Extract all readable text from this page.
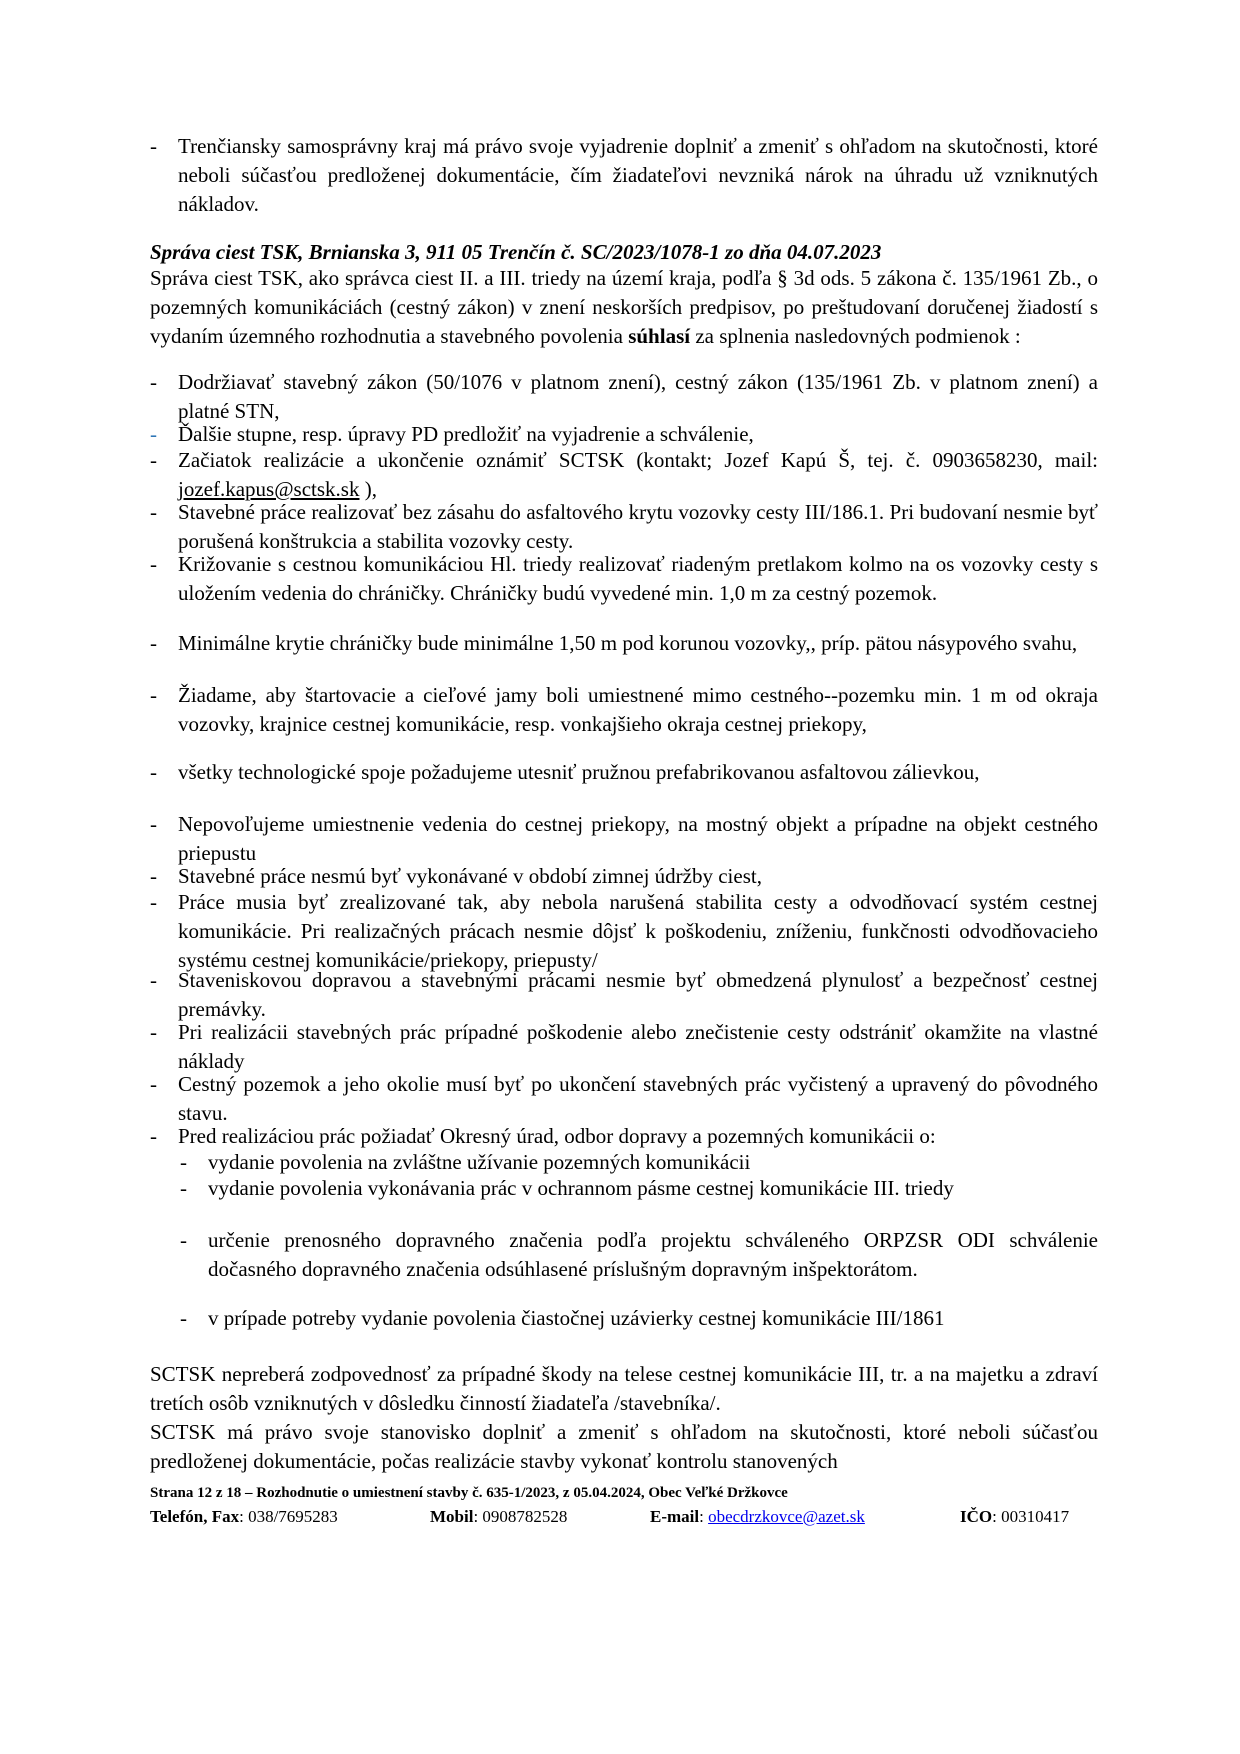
- Trenčiansky samosprávny kraj má právo svoje vyjadrenie doplniť a zmeniť s ohľadom na skutočnosti, ktoré neboli súčasťou predloženej dokumentácie, čím žiadateľovi nevzniká nárok na úhradu už vzniknutých nákladov.

Správa ciest TSK, Brnianska 3, 911 05 Trenčín č. SC/2023/1078-1 zo dňa 04.07.2023

Správa ciest TSK, ako správca ciest II. a III. triedy na území kraja, podľa § 3d ods. 5 zákona č. 135/1961 Zb., o pozemných komunikáciách (cestný zákon) v znení neskorších predpisov, po preštudovaní doručenej žiadostí s vydaním územného rozhodnutia a stavebného povolenia súhlasí za splnenia nasledovných podmienok :

- Dodržiavať stavebný zákon (50/1076 v platnom znení), cestný zákon (135/1961 Zb. v platnom znení) a platné STN,

- Ďalšie stupne, resp. úpravy PD predložiť na vyjadrenie a schválenie,

- Začiatok realizácie a ukončenie oznámiť SCTSK (kontakt; Jozef Kapú Š, tej. č. 0903658230, mail: jozef.kapus@sctsk.sk ),

- Stavebné práce realizovať bez zásahu do asfaltového krytu vozovky cesty III/186.1. Pri budovaní nesmie byť porušená konštrukcia a stabilita vozovky cesty.

- Križovanie s cestnou komunikáciou Hl. triedy realizovať riadeným pretlakom kolmo na os vozovky cesty s uložením vedenia do chráničky. Chráničky budú vyvedené min. 1,0 m za cestný pozemok.

- Minimálne krytie chráničky bude minimálne 1,50 m pod korunou vozovky,, príp. pätou násypového svahu,

- Žiadame, aby štartovacie a cieľové jamy boli umiestnené mimo cestného--pozemku min. 1 m od okraja vozovky, krajnice cestnej komunikácie, resp. vonkajšieho okraja cestnej priekopy,

- všetky technologické spoje požadujeme utesniť pružnou prefabrikovanou asfaltovou zálievkou,

- Nepovoľujeme umiestnenie vedenia do cestnej priekopy, na mostný objekt a prípadne na objekt cestného priepustu

- Stavebné práce nesmú byť vykonávané v období zimnej údržby ciest,

- Práce musia byť zrealizované tak, aby nebola narušená stabilita cesty a odvodňovací systém cestnej komunikácie. Pri realizačných prácach nesmie dôjsť k poškodeniu, zníženiu, funkčnosti odvodňovacieho systému cestnej komunikácie/priekopy, priepusty/

- Staveniskovou dopravou a stavebnými prácami nesmie byť obmedzená plynulosť a bezpečnosť cestnej premávky.

- Pri realizácii stavebných prác prípadné poškodenie alebo znečistenie cesty odstrániť okamžite na vlastné náklady

- Cestný pozemok a jeho okolie musí byť po ukončení stavebných prác vyčistený a upravený do pôvodného stavu.

- Pred realizáciou prác požiadať Okresný úrad, odbor dopravy a pozemných komunikácii o:

- vydanie povolenia na zvláštne užívanie pozemných komunikácii

- vydanie povolenia vykonávania prác v ochrannom pásme cestnej komunikácie III. triedy

- určenie prenosného dopravného značenia podľa projektu schváleného ORPZSR ODI schválenie dočasného dopravného značenia odsúhlasené príslušným dopravným inšpektorátom.

- v prípade potreby vydanie povolenia čiastočnej uzávierky cestnej komunikácie III/1861

SCTSK nepreberá zodpovednosť za prípadné škody na telese cestnej komunikácie III, tr. a na majetku a zdraví tretích osôb vzniknutých v dôsledku činností žiadateľa /stavebníka/.

SCTSK má právo svoje stanovisko doplniť a zmeniť s ohľadom na skutočnosti, ktoré neboli súčasťou predloženej dokumentácie, počas realizácie stavby vykonať kontrolu stanovených

Strana 12 z 18 – Rozhodnutie o umiestnení stavby č. 635-1/2023, z 05.04.2024, Obec Veľké Držkovce
Telefón, Fax: 038/7695283	Mobil: 0908782528	E-mail: obecdrzkovce@azet.sk	IČO: 00310417
